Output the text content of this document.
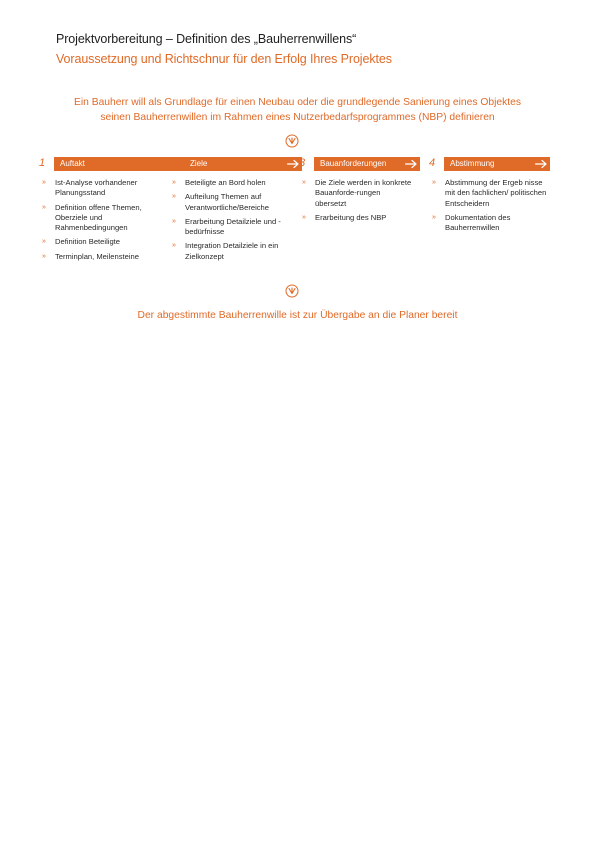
Projektvorbereitung – Definition des „Bauherrenwillens“
Voraussetzung und Richtschnur für den Erfolg Ihres Projektes
Ein Bauherr will als Grundlage für einen Neubau oder die grundlegende Sanierung eines Objektes
seinen Bauherrenwillen im Rahmen eines Nutzerbedarfsprogrammes (NBP) definieren
1	Auftakt
» Ist-Analyse vorhandener Planungsstand
» Definition offene Themen, Oberziele und Rahmenbedingungen
» Definition Beteiligte
» Terminplan, Meilensteine
2	Ziele
» Beteiligte an Bord holen
» Aufteilung Themen auf Verantwortliche/Bereiche
» Erarbeitung Detailziele und -bedürfnisse
» Integration Detailziele in ein Zielkonzept
3	Bauanforderungen
» Die Ziele werden in konkrete Bauanforde-rungen übersetzt
» Erarbeitung des NBP
4	Abstimmung
» Abstimmung der Ergeb nisse mit den fachlichen/ politischen Entscheidern
» Dokumentation des Bauherrenwillen
Der abgestimmte Bauherrenwille ist zur Übergabe an die Planer bereit
